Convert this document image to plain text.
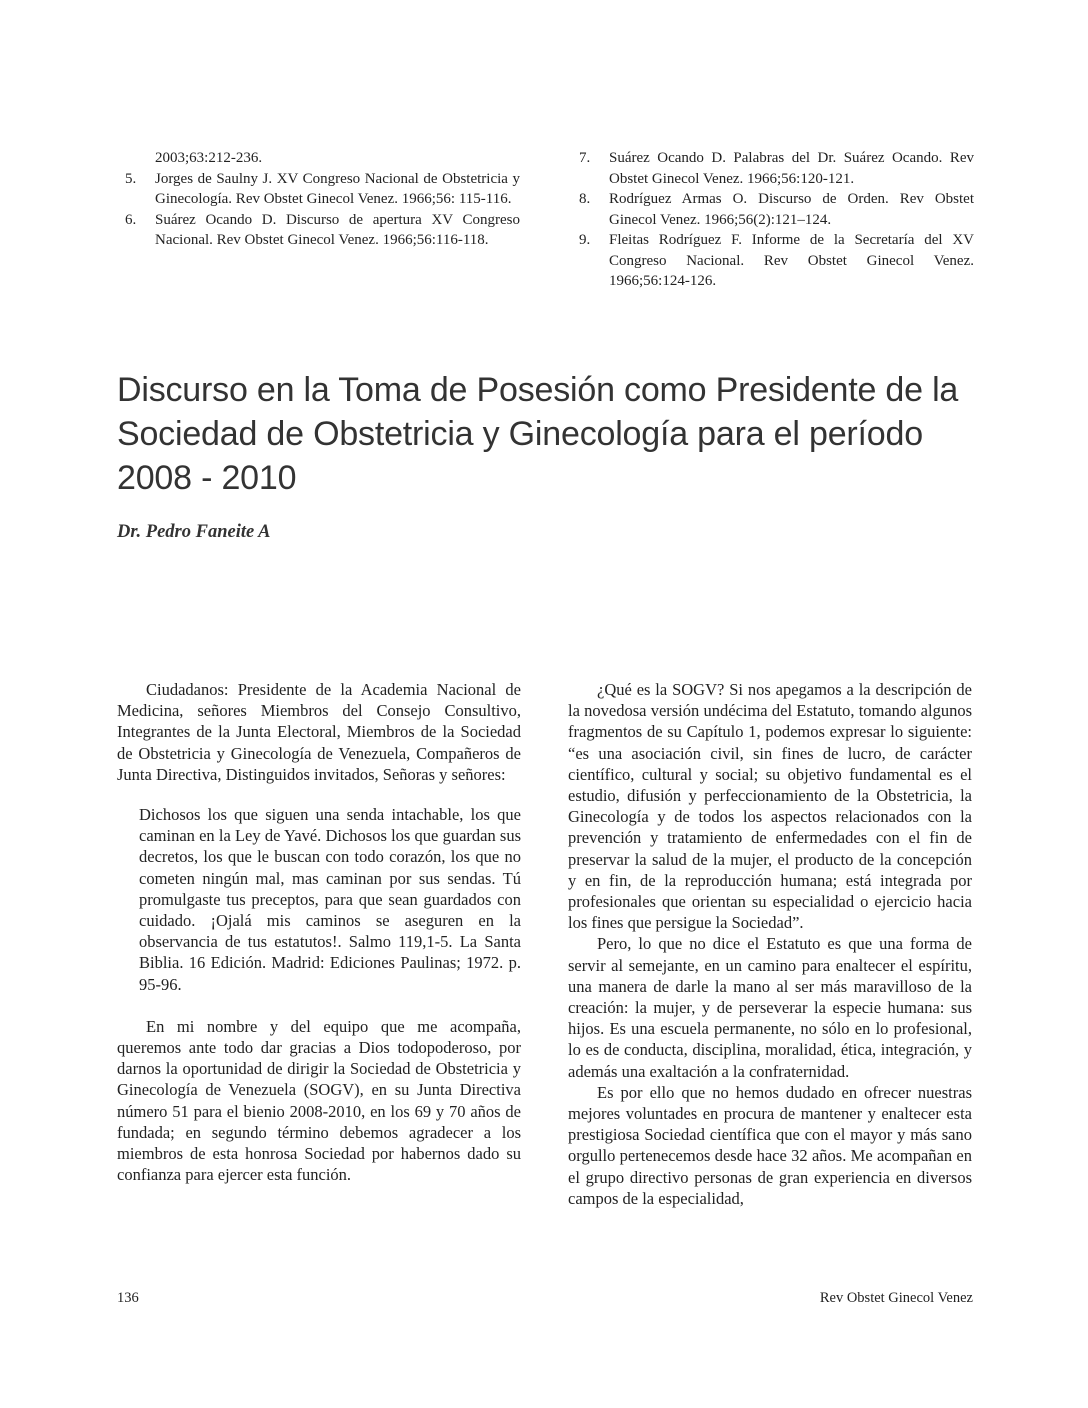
2003;63:212-236.
5. Jorges de Saulny J. XV Congreso Nacional de Obstetricia y Ginecología. Rev Obstet Ginecol Venez. 1966;56: 115-116.
6. Suárez Ocando D. Discurso de apertura XV Congreso Nacional. Rev Obstet Ginecol Venez. 1966;56:116-118.
7. Suárez Ocando D. Palabras del Dr. Suárez Ocando. Rev Obstet Ginecol Venez. 1966;56:120-121.
8. Rodríguez Armas O. Discurso de Orden. Rev Obstet Ginecol Venez. 1966;56(2):121–124.
9. Fleitas Rodríguez F. Informe de la Secretaría del XV Congreso Nacional. Rev Obstet Ginecol Venez. 1966;56:124-126.
Discurso en la Toma de Posesión como Presidente de la Sociedad de Obstetricia y Ginecología para el período 2008 - 2010
Dr. Pedro Faneite A

Ciudadanos: Presidente de la Academia Nacional de Medicina, señores Miembros del Consejo Consultivo, Integrantes de la Junta Electoral, Miembros de la Sociedad de Obstetricia y Ginecología de Venezuela, Compañeros de Junta Directiva, Distinguidos invitados, Señoras y señores:

Dichosos los que siguen una senda intachable, los que caminan en la Ley de Yavé. Dichosos los que guardan sus decretos, los que le buscan con todo corazón, los que no cometen ningún mal, mas caminan por sus sendas. Tú promulgaste tus preceptos, para que sean guardados con cuidado. ¡Ojalá mis caminos se aseguren en la observancia de tus estatutos!. Salmo 119,1-5. La Santa Biblia. 16 Edición. Madrid: Ediciones Paulinas; 1972. p. 95-96.

En mi nombre y del equipo que me acompaña, queremos ante todo dar gracias a Dios todopoderoso, por darnos la oportunidad de dirigir la Sociedad de Obstetricia y Ginecología de Venezuela (SOGV), en su Junta Directiva número 51 para el bienio 2008-2010, en los 69 y 70 años de fundada; en segundo término debemos agradecer a los miembros de esta honrosa Sociedad por habernos dado su confianza para ejercer esta función.

¿Qué es la SOGV? Si nos apegamos a la descripción de la novedosa versión undécima del Estatuto, tomando algunos fragmentos de su Capítulo 1, podemos expresar lo siguiente: “es una asociación civil, sin fines de lucro, de carácter científico, cultural y social; su objetivo fundamental es el estudio, difusión y perfeccionamiento de la Obstetricia, la Ginecología y de todos los aspectos relacionados con la prevención y tratamiento de enfermedades con el fin de preservar la salud de la mujer, el producto de la concepción y en fin, de la reproducción humana; está integrada por profesionales que orientan su especialidad o ejercicio hacia los fines que persigue la Sociedad”.

Pero, lo que no dice el Estatuto es que una forma de servir al semejante, en un camino para enaltecer el espíritu, una manera de darle la mano al ser más maravilloso de la creación: la mujer, y de perseverar la especie humana: sus hijos. Es una escuela permanente, no sólo en lo profesional, lo es de conducta, disciplina, moralidad, ética, integración, y además una exaltación a la confraternidad.

Es por ello que no hemos dudado en ofrecer nuestras mejores voluntades en procura de mantener y enaltecer esta prestigiosa Sociedad científica que con el mayor y más sano orgullo pertenecemos desde hace 32 años. Me acompañan en el grupo directivo personas de gran experiencia en diversos campos de la especialidad,

136	Rev Obstet Ginecol Venez
